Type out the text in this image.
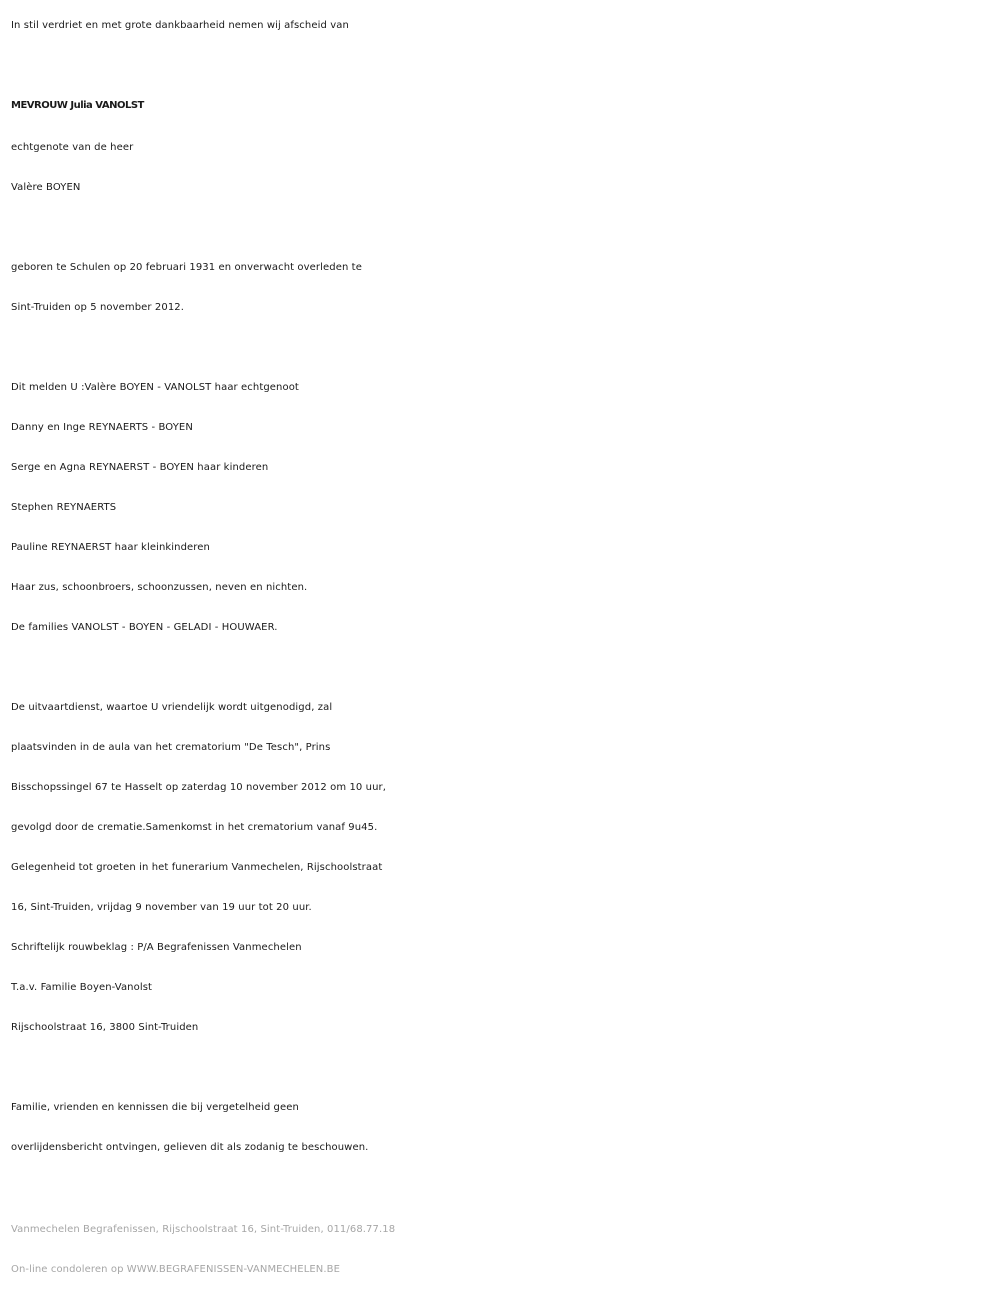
In stil verdriet en met grote dankbaarheid nemen wij afscheid van
MEVROUW Julia VANOLST
echtgenote van de heer
Valère BOYEN
geboren te Schulen op 20 februari 1931 en onverwacht overleden te
Sint-Truiden op 5 november 2012.
Dit melden U :Valère BOYEN - VANOLST haar echtgenoot
Danny en Inge REYNAERTS - BOYEN
Serge en Agna REYNAERST - BOYEN haar kinderen
Stephen REYNAERTS
Pauline REYNAERST haar kleinkinderen
Haar zus, schoonbroers, schoonzussen, neven en nichten.
De families VANOLST - BOYEN - GELADI - HOUWAER.
De uitvaartdienst, waartoe U vriendelijk wordt uitgenodigd, zal
plaatsvinden in de aula van het crematorium "De Tesch", Prins
Bisschopssingel 67 te Hasselt op zaterdag 10 november 2012 om 10 uur,
gevolgd door de crematie.Samenkomst in het crematorium vanaf 9u45.
Gelegenheid tot groeten in het funerarium Vanmechelen, Rijschoolstraat
16, Sint-Truiden, vrijdag 9 november van 19 uur tot 20 uur.
Schriftelijk rouwbeklag : P/A Begrafenissen Vanmechelen
T.a.v. Familie Boyen-Vanolst
Rijschoolstraat 16, 3800 Sint-Truiden
Familie, vrienden en kennissen die bij vergetelheid geen
overlijdensbericht ontvingen, gelieven dit als zodanig te beschouwen.
Vanmechelen Begrafenissen, Rijschoolstraat 16, Sint-Truiden, 011/68.77.18
On-line condoleren op WWW.BEGRAFENISSEN-VANMECHELEN.BE
